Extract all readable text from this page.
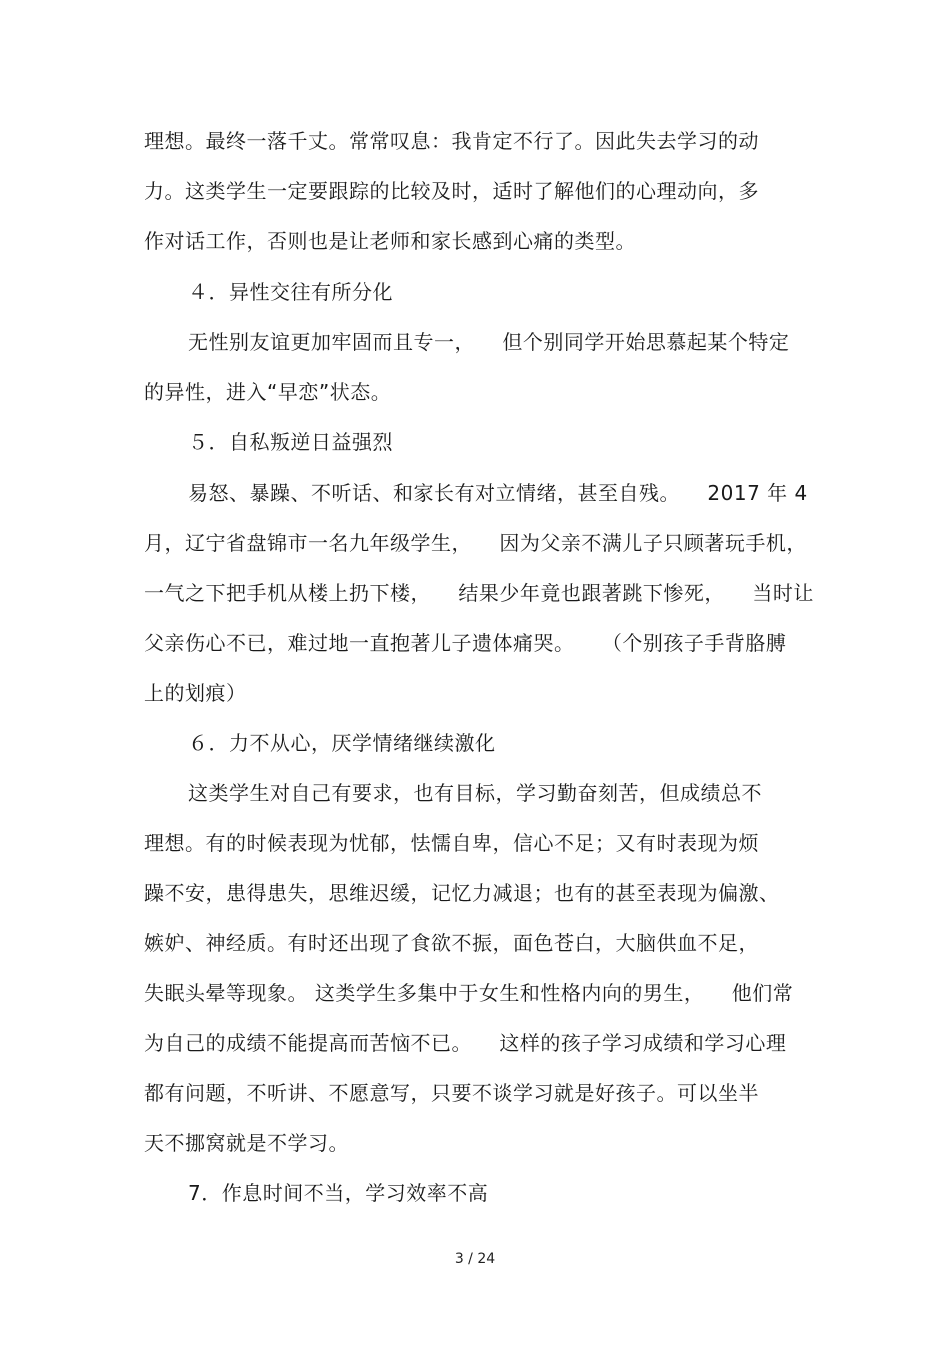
理想。最终一落千丈。常常叹息：我肯定不行了。因此失去学习的动
力。这类学生一定要跟踪的比较及时，适时了解他们的心理动向，多
作对话工作，否则也是让老师和家长感到心痛的类型。
４．异性交往有所分化
无性别友谊更加牢固而且专一，    但个别同学开始思慕起某个特定
的异性，进入“早恋”状态。
５．自私叛逆日益强烈
易怒、暴躁、不听话、和家长有对立情绪，甚至自残。    2017 年 4
月，辽宁省盘锦市一名九年级学生，    因为父亲不满儿子只顾著玩手机，
一气之下把手机从楼上扔下楼，    结果少年竟也跟著跳下惨死，    当时让
父亲伤心不已，难过地一直抱著儿子遗体痛哭。    （个别孩子手背胳膊
上的划痕）
６．力不从心，厌学情绪继续激化
这类学生对自己有要求，也有目标，学习勤奋刻苦，但成绩总不
理想。有的时候表现为忧郁，怯懦自卑，信心不足；又有时表现为烦
躁不安，患得患失，思维迟缓，记忆力减退；也有的甚至表现为偏激、
嫉妒、神经质。有时还出现了食欲不振，面色苍白，大脑供血不足，
失眠头晕等现象。 这类学生多集中于女生和性格内向的男生，    他们常
为自己的成绩不能提高而苦恼不已。    这样的孩子学习成绩和学习心理
都有问题，不听讲、不愿意写，只要不谈学习就是好孩子。可以坐半
天不挪窝就是不学习。
7．作息时间不当，学习效率不高
3 / 24
